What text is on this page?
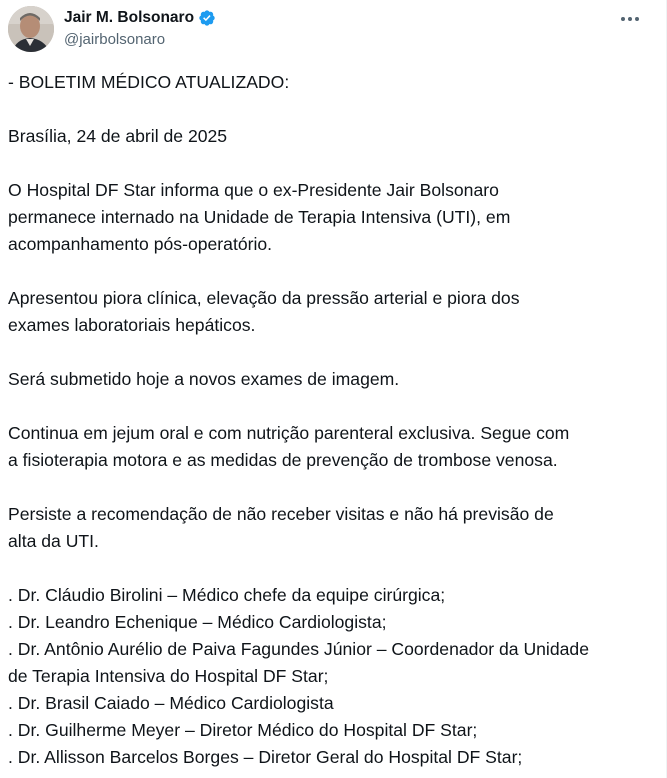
Jair M. Bolsonaro
@jairbolsonaro
- BOLETIM MÉDICO ATUALIZADO:
Brasília, 24 de abril de 2025
O Hospital DF Star informa que o ex-Presidente Jair Bolsonaro
permanece internado na Unidade de Terapia Intensiva (UTI), em
acompanhamento pós-operatório.
Apresentou piora clínica, elevação da pressão arterial e piora dos
exames laboratoriais hepáticos.
Será submetido hoje a novos exames de imagem.
Continua em jejum oral e com nutrição parenteral exclusiva. Segue com
a fisioterapia motora e as medidas de prevenção de trombose venosa.
Persiste a recomendação de não receber visitas e não há previsão de
alta da UTI.
. Dr. Cláudio Birolini – Médico chefe da equipe cirúrgica;
. Dr. Leandro Echenique – Médico Cardiologista;
. Dr. Antônio Aurélio de Paiva Fagundes Júnior – Coordenador da Unidade
de Terapia Intensiva do Hospital DF Star;
. Dr. Brasil Caiado – Médico Cardiologista
. Dr. Guilherme Meyer – Diretor Médico do Hospital DF Star;
. Dr. Allisson Barcelos Borges – Diretor Geral do Hospital DF Star;
